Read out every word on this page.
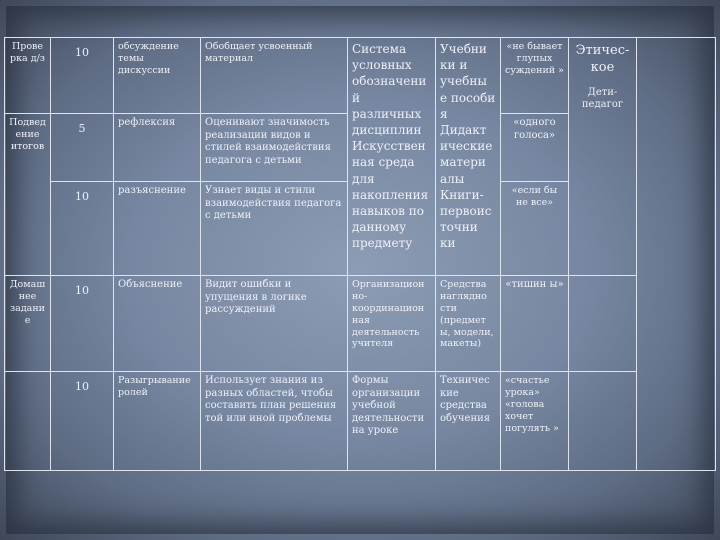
Прове рка д/з	10	обсуждение темы дискуссии	Обобщает усвоенный материал	Система условных обозначени й различных дисциплин Искусствен ная среда для накопления навыков по данному предмету	Учебни ки и учебны е пособи я Дидакт ические матери алы Книги-первоис точни ки	«не бывает глупых суждений »	Этичес-кое
Дети-педагог	

Подвед ение итогов	5	рефлексия	Оценивают значимость реализации видов и стилей взаимодействия педагога с детьми			«одного голоса»		
	10	разъяснение	Узнает виды и стили взаимодействия педагога с детьми			«если бы не все»		
Домаш нее задани е	10	Объяснение	Видит ошибки и упущения в логике рассуждений	Организацион но-координацион ная деятельность учителя	Средства наглядно сти (предмет ы, модели, макеты)	«тишин ы»		
	10	Разыгрывание ролей	Использует знания из разных областей, чтобы составить план решения той или иной проблемы	Формы организации учебной деятельности на уроке	Техничес кие средства обучения	«счастье урока» «голова хочет погулять »		
